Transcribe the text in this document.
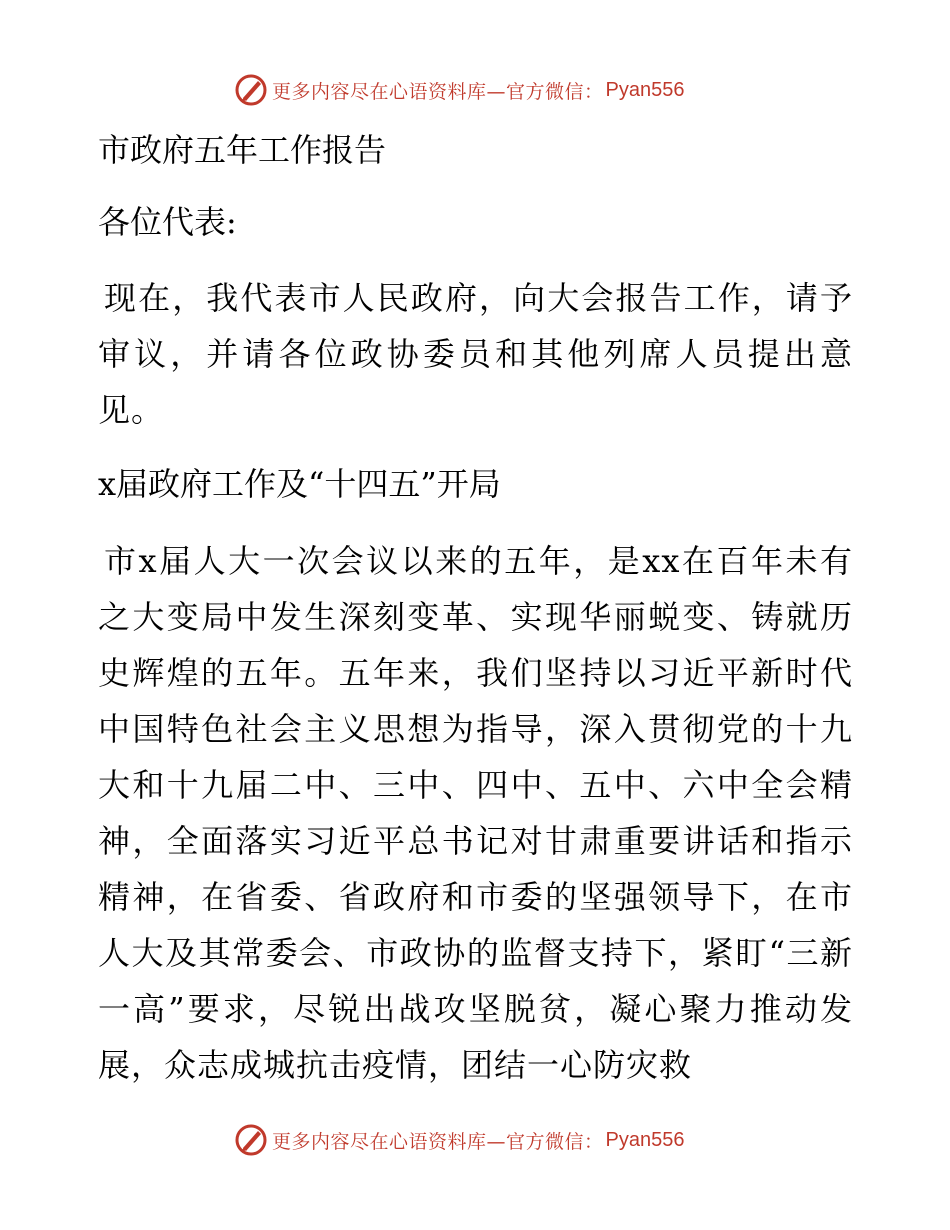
更多内容尽在心语资料库—官方微信： Pyan556
市政府五年工作报告
各位代表:

现在，我代表市人民政府，向大会报告工作，请予审议，并请各位政协委员和其他列席人员提出意见。

x届政府工作及“十四五”开局

市x届人大一次会议以来的五年，是xx在百年未有之大变局中发生深刻变革、实现华丽蜕变、铸就历史辉煌的五年。五年来，我们坚持以习近平新时代中国特色社会主义思想为指导，深入贯彻党的十九大和十九届二中、三中、四中、五中、六中全会精神，全面落实习近平总书记对甘肃重要讲话和指示精神，在省委、省政府和市委的坚强领导下，在市人大及其常委会、市政协的监督支持下，紧盯“三新一高”要求，尽锐出战攻坚脱贫，凝心聚力推动发展，众志成城抗击疫情，团结一心防灾救

更多内容尽在心语资料库—官方微信： Pyan556
